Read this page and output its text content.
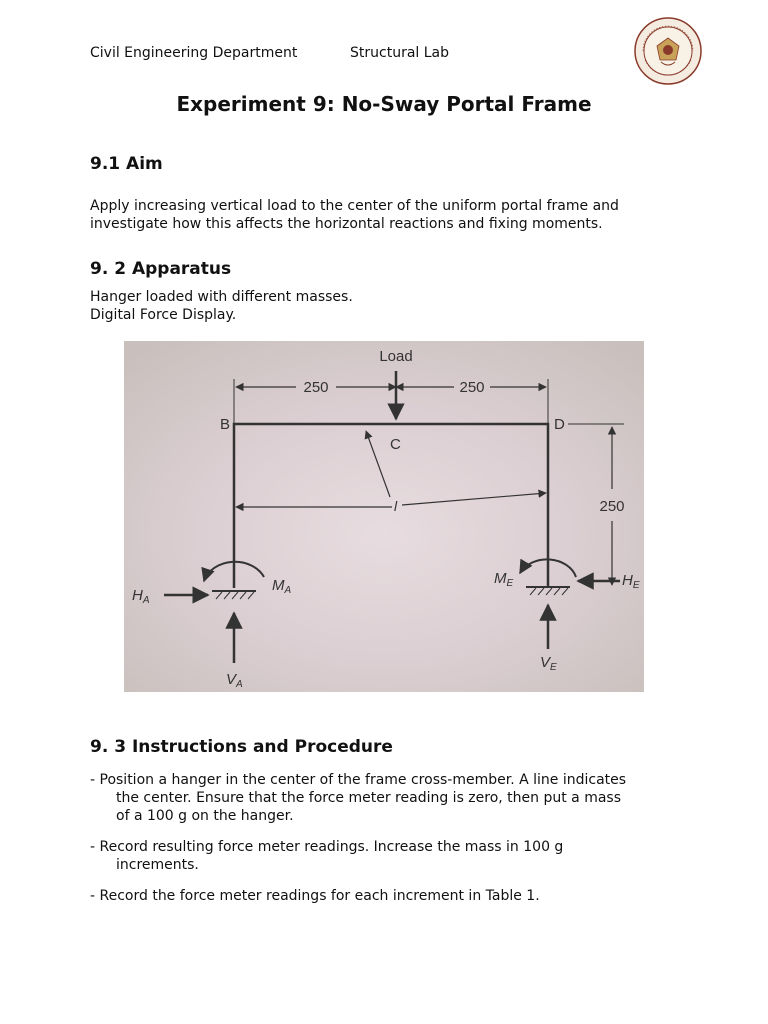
Civil Engineering Department	Structural Lab
Experiment 9: No-Sway Portal Frame
9.1 Aim
Apply increasing vertical load to the center of the uniform portal frame and
investigate how this affects the horizontal reactions and fixing moments.
9. 2 Apparatus
Hanger loaded with different masses.
Digital Force Display.
Load
250	250
B
C
D
250
l
$H_A$
$M_A$
$V_A$
$M_E$	$H_E$
$V_E$
9. 3 Instructions and Procedure
- Position a hanger in the center of the frame cross-member. A line indicates
the center. Ensure that the force meter reading is zero, then put a mass
of a 100 g on the hanger.
- Record resulting force meter readings. Increase the mass in 100 g
increments.
- Record the force meter readings for each increment in Table 1.
